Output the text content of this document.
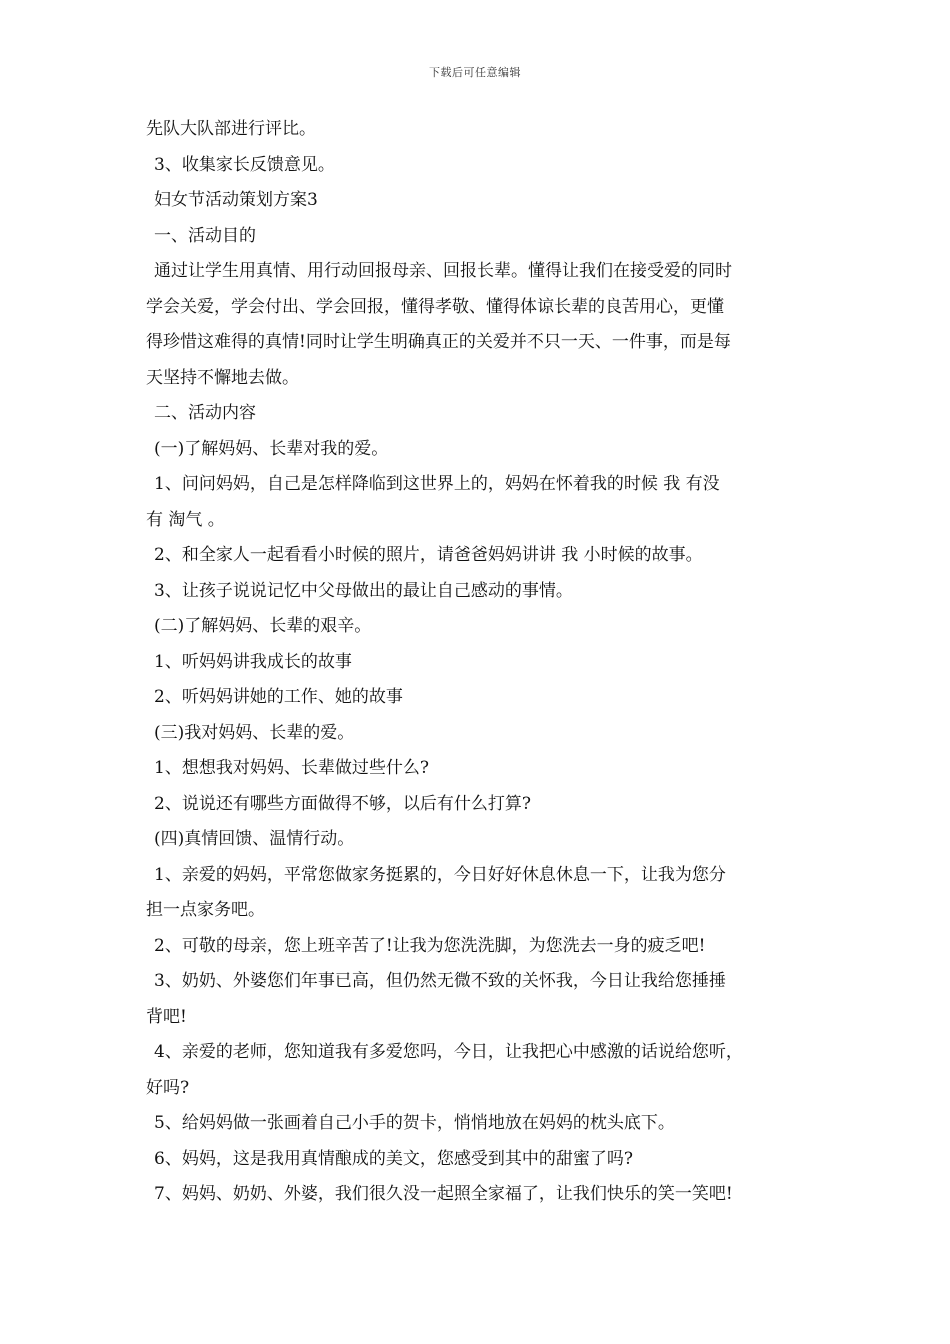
下载后可任意编辑
先队大队部进行评比。
3、收集家长反馈意见。
妇女节活动策划方案3
一、活动目的
通过让学生用真情、用行动回报母亲、回报长辈。懂得让我们在接受爱的同时
学会关爱，学会付出、学会回报，懂得孝敬、懂得体谅长辈的良苦用心，更懂
得珍惜这难得的真情!同时让学生明确真正的关爱并不只一天、一件事，而是每
天坚持不懈地去做。
二、活动内容
(一)了解妈妈、长辈对我的爱。
1、问问妈妈，自己是怎样降临到这世界上的，妈妈在怀着我的时候 我 有没
有 淘气 。
2、和全家人一起看看小时候的照片，请爸爸妈妈讲讲 我 小时候的故事。
3、让孩子说说记忆中父母做出的最让自己感动的事情。
(二)了解妈妈、长辈的艰辛。
1、听妈妈讲我成长的故事
2、听妈妈讲她的工作、她的故事
(三)我对妈妈、长辈的爱。
1、想想我对妈妈、长辈做过些什么?
2、说说还有哪些方面做得不够，以后有什么打算?
(四)真情回馈、温情行动。
1、亲爱的妈妈，平常您做家务挺累的，今日好好休息休息一下，让我为您分
担一点家务吧。
2、可敬的母亲，您上班辛苦了!让我为您洗洗脚，为您洗去一身的疲乏吧!
3、奶奶、外婆您们年事已高，但仍然无微不致的关怀我，今日让我给您捶捶
背吧!
4、亲爱的老师，您知道我有多爱您吗，今日，让我把心中感激的话说给您听，
好吗?
5、给妈妈做一张画着自己小手的贺卡，悄悄地放在妈妈的枕头底下。
6、妈妈，这是我用真情酿成的美文，您感受到其中的甜蜜了吗?
7、妈妈、奶奶、外婆，我们很久没一起照全家福了，让我们快乐的笑一笑吧!
